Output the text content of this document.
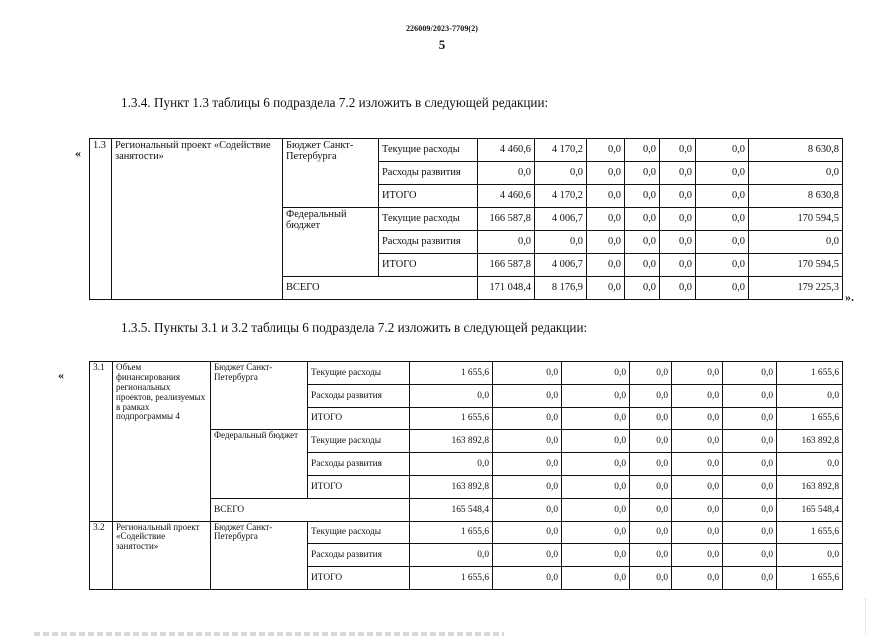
226009/2023-7709(2)
5
1.3.4. Пункт 1.3 таблицы 6 подраздела 7.2 изложить в следующей редакции:
«
».
1.3	Региональный проект «Содействие занятости»	Бюджет Санкт-Петербурга	Текущие расходы	4 460,6	4 170,2	0,0	0,0	0,0	0,0	8 630,8
			Расходы развития	0,0	0,0	0,0	0,0	0,0	0,0	0,0
			ИТОГО	4 460,6	4 170,2	0,0	0,0	0,0	0,0	8 630,8
		Федеральный бюджет	Текущие расходы	166 587,8	4 006,7	0,0	0,0	0,0	0,0	170 594,5
			Расходы развития	0,0	0,0	0,0	0,0	0,0	0,0	0,0
			ИТОГО	166 587,8	4 006,7	0,0	0,0	0,0	0,0	170 594,5
		ВСЕГО		171 048,4	8 176,9	0,0	0,0	0,0	0,0	179 225,3
1.3.5. Пункты 3.1 и 3.2 таблицы 6 подраздела 7.2 изложить в следующей редакции:
«	3.1	Объем финансирования региональных проектов, реализуемых в рамках подпрограммы 4	Бюджет Санкт-Петербурга	Текущие расходы	1 655,6	0,0	0,0	0,0	0,0	0,0	1 655,6
			Расходы развития	0,0	0,0	0,0	0,0	0,0	0,0	0,0
			ИТОГО	1 655,6	0,0	0,0	0,0	0,0	0,0	1 655,6
		Федеральный бюджет	Текущие расходы	163 892,8	0,0	0,0	0,0	0,0	0,0	163 892,8
			Расходы развития	0,0	0,0	0,0	0,0	0,0	0,0	0,0
			ИТОГО	163 892,8	0,0	0,0	0,0	0,0	0,0	163 892,8
		ВСЕГО		165 548,4	0,0	0,0	0,0	0,0	0,0	165 548,4
3.2	Региональный проект «Содействие занятости»	Бюджет Санкт-Петербурга	Текущие расходы	1 655,6	0,0	0,0	0,0	0,0	0,0	1 655,6
			Расходы развития	0,0	0,0	0,0	0,0	0,0	0,0	0,0
			ИТОГО	1 655,6	0,0	0,0	0,0	0,0	0,0	1 655,6
